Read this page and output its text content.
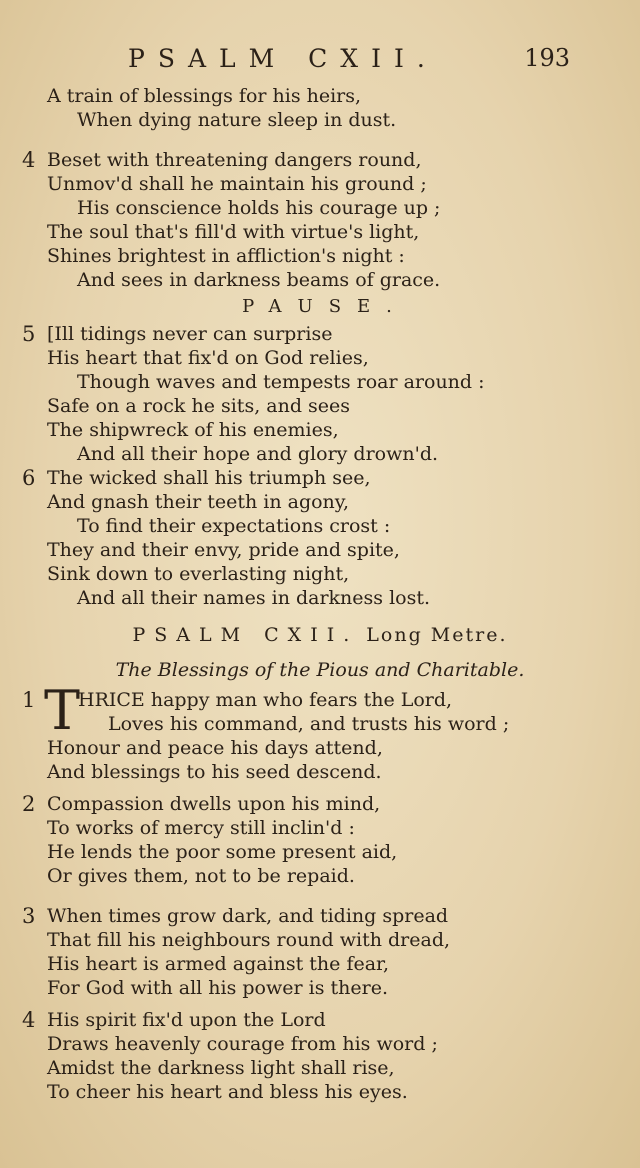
PSALM CXII.	193
A train of blessings for his heirs,
When dying nature sleep in dust.
4 Beset with threatening dangers round,
Unmov'd shall he maintain his ground ;
His conscience holds his courage up ;
The soul that's fill'd with virtue's light,
Shines brightest in affliction's night :
And sees in darkness beams of grace.
PAUSE.
5 [Ill tidings never can surprise
His heart that fix'd on God relies,
Though waves and tempests roar around :
Safe on a rock he sits, and sees
The shipwreck of his enemies,
And all their hope and glory drown'd.
6 The wicked shall his triumph see,
And gnash their teeth in agony,
To find their expectations crost :
They and their envy, pride and spite,
Sink down to everlasting night,
And all their names in darkness lost.
PSALM CXII. Long Metre.
The Blessings of the Pious and Charitable.
1 T
HRICE happy man who fears the Lord,
Loves his command, and trusts his word ;
Honour and peace his days attend,
And blessings to his seed descend.
2 Compassion dwells upon his mind,
To works of mercy still inclin'd :
He lends the poor some present aid,
Or gives them, not to be repaid.
3 When times grow dark, and tiding spread
That fill his neighbours round with dread,
His heart is armed against the fear,
For God with all his power is there.
4 His spirit fix'd upon the Lord
Draws heavenly courage from his word ;
Amidst the darkness light shall rise,
To cheer his heart and bless his eyes.
